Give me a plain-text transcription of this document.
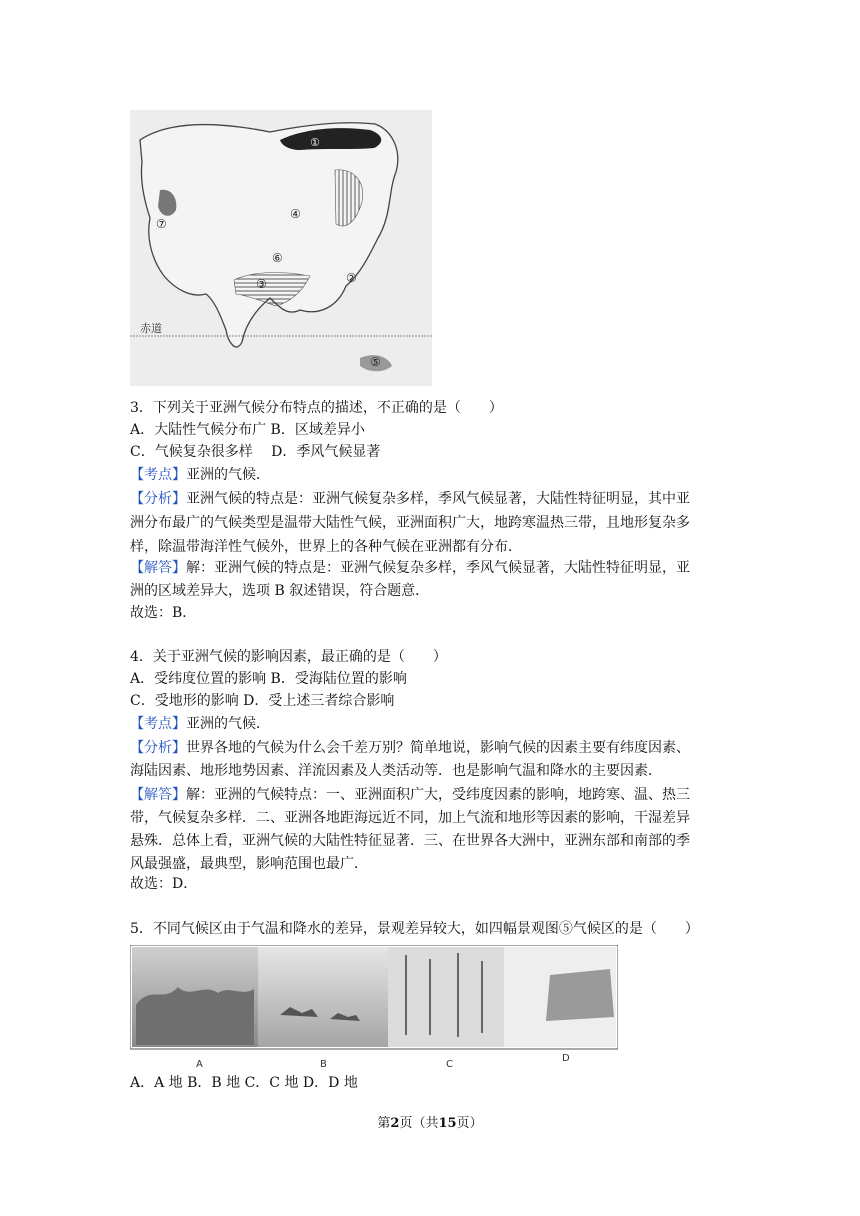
赤道
①
②
③
④
⑤
⑥
⑦
3．下列关于亚洲气候分布特点的描述，不正确的是（　　）
A．大陆性气候分布广 B．区域差异小
C．气候复杂很多样　 D．季风气候显著
【考点】亚洲的气候．
【分析】亚洲气候的特点是：亚洲气候复杂多样，季风气候显著，大陆性特征明显，其中亚
洲分布最广的气候类型是温带大陆性气候，亚洲面积广大，地跨寒温热三带，且地形复杂多
样，除温带海洋性气候外，世界上的各种气候在亚洲都有分布．
【解答】解：亚洲气候的特点是：亚洲气候复杂多样，季风气候显著，大陆性特征明显，亚
洲的区域差异大，选项 B 叙述错误，符合题意．
故选：B．
4．关于亚洲气候的影响因素，最正确的是（　　）
A．受纬度位置的影响 B．受海陆位置的影响
C．受地形的影响 D．受上述三者综合影响
【考点】亚洲的气候．
【分析】世界各地的气候为什么会千差万别？简单地说，影响气候的因素主要有纬度因素、
海陆因素、地形地势因素、洋流因素及人类活动等．也是影响气温和降水的主要因素．
【解答】解：亚洲的气候特点：一、亚洲面积广大，受纬度因素的影响，地跨寒、温、热三
带，气候复杂多样．二、亚洲各地距海远近不同，加上气流和地形等因素的影响，干湿差异
悬殊．总体上看，亚洲气候的大陆性特征显著．三、在世界各大洲中，亚洲东部和南部的季
风最强盛，最典型，影响范围也最广．
故选：D．
5．不同气候区由于气温和降水的差异，景观差异较大，如四幅景观图⑤气候区的是（　　）
A	B	C
D
A．A 地 B．B 地 C．C 地 D．D 地
第2页（共15页）
